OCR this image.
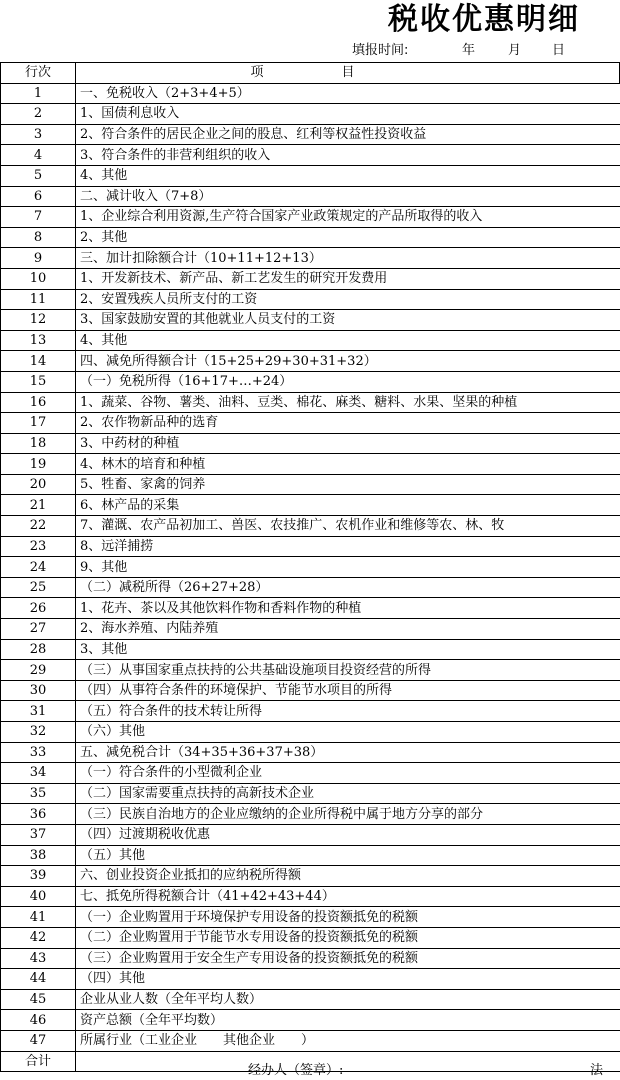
税收优惠明细
填报时间:	年	月 日
行次	项　　　　　　目
1	一、免税收入（2+3+4+5）
2	1、国债利息收入
3	2、符合条件的居民企业之间的股息、红利等权益性投资收益
4	3、符合条件的非营利组织的收入
5	4、其他
6	二、减计收入（7+8）
7	1、企业综合利用资源,生产符合国家产业政策规定的产品所取得的收入
8	2、其他
9	三、加计扣除额合计（10+11+12+13）
10	1、开发新技术、新产品、新工艺发生的研究开发费用
11	2、安置残疾人员所支付的工资
12	3、国家鼓励安置的其他就业人员支付的工资
13	4、其他
14	四、减免所得额合计（15+25+29+30+31+32）
15	（一）免税所得（16+17+…+24）
16	1、蔬菜、谷物、薯类、油料、豆类、棉花、麻类、糖料、水果、坚果的种植
17	2、农作物新品种的选育
18	3、中药材的种植
19	4、林木的培育和种植
20	5、牲畜、家禽的饲养
21	6、林产品的采集
22	7、灌溉、农产品初加工、兽医、农技推广、农机作业和维修等农、林、牧
23	8、远洋捕捞
24	9、其他
25	（二）减税所得（26+27+28）
26	1、花卉、茶以及其他饮料作物和香料作物的种植
27	2、海水养殖、内陆养殖
28	3、其他
29	（三）从事国家重点扶持的公共基础设施项目投资经营的所得
30	（四）从事符合条件的环境保护、节能节水项目的所得
31	（五）符合条件的技术转让所得
32	（六）其他
33	五、减免税合计（34+35+36+37+38）
34	（一）符合条件的小型微利企业
35	（二）国家需要重点扶持的高新技术企业
36	（三）民族自治地方的企业应缴纳的企业所得税中属于地方分享的部分
37	（四）过渡期税收优惠
38	（五）其他
39	六、创业投资企业抵扣的应纳税所得额
40	七、抵免所得税额合计（41+42+43+44）
41	（一）企业购置用于环境保护专用设备的投资额抵免的税额
42	（二）企业购置用于节能节水专用设备的投资额抵免的税额
43	（三）企业购置用于安全生产专用设备的投资额抵免的税额
44	（四）其他
45	企业从业人数（全年平均人数）
46	资产总额（全年平均数）
47	所属行业（工业企业　　其他企业　　）
合计	
经办人（签章）:	法
